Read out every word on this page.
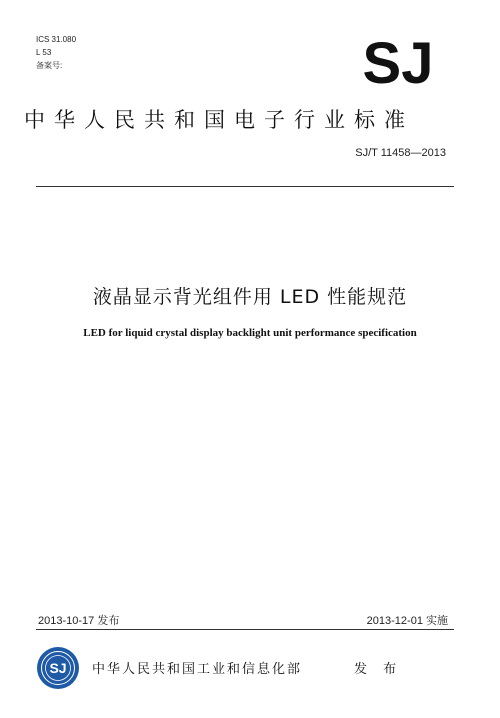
ICS 31.080
L 53
备案号:	SJ
中华人民共和国电子行业标准
SJ/T 11458—2013
液晶显示背光组件用 LED 性能规范
LED for liquid crystal display backlight unit performance specification
2013-10-17 发布	2013-12-01 实施
SJ 中华人民共和国工业和信息化部	发 布
